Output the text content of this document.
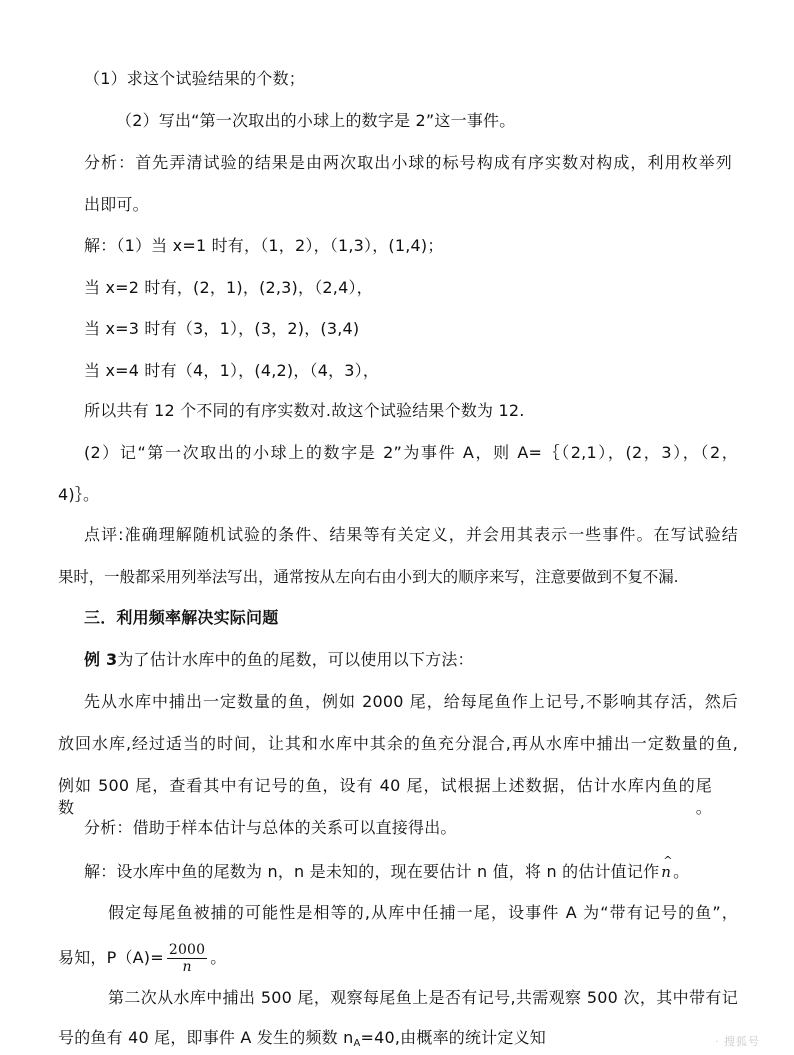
（1）求这个试验结果的个数；
（2）写出“第一次取出的小球上的数字是 2”这一事件。
分析：首先弄清试验的结果是由两次取出小球的标号构成有序实数对构成，利用枚举列
出即可。
解：（1）当 x=1 时有，（1，2），（1,3），(1,4)；
当 x=2 时有，(2，1)，(2,3)，（2,4），
当 x=3 时有（3，1），(3，2)，(3,4)
当 x=4 时有（4，1），(4,2)，（4，3），
所以共有 12 个不同的有序实数对.故这个试验结果个数为 12.
(2）记“第一次取出的小球上的数字是 2”为事件 A，则 A=｛（2,1），(2，3），（2，
4)｝。
点评:准确理解随机试验的条件、结果等有关定义，并会用其表示一些事件。在写试验结
果时，一般都采用列举法写出，通常按从左向右由小到大的顺序来写，注意要做到不复不漏.
三．利用频率解决实际问题
例 3为了估计水库中的鱼的尾数，可以使用以下方法：
先从水库中捕出一定数量的鱼，例如 2000 尾，给每尾鱼作上记号,不影响其存活，然后
放回水库,经过适当的时间，让其和水库中其余的鱼充分混合,再从水库中捕出一定数量的鱼,
例如 500 尾，查看其中有记号的鱼，设有 40 尾，试根据上述数据，估计水库内鱼的尾数。
分析：借助于样本估计与总体的关系可以直接得出。
解：设水库中鱼的尾数为 n，n 是未知的，现在要估计 n 值，将 n 的估计值记作
^
n 。
假定每尾鱼被捕的可能性是相等的,从库中任捕一尾，设事件 A 为“带有记号的鱼”，
易知，$P(A)= \frac{2000}{n}$ 。
第二次从水库中捕出 500 尾，观察每尾鱼上是否有记号,共需观察 500 次，其中带有记
号的鱼有 40 尾，即事件 A 发生的频数 $n_A=40$,由概率的统计定义知	· 搜狐号
